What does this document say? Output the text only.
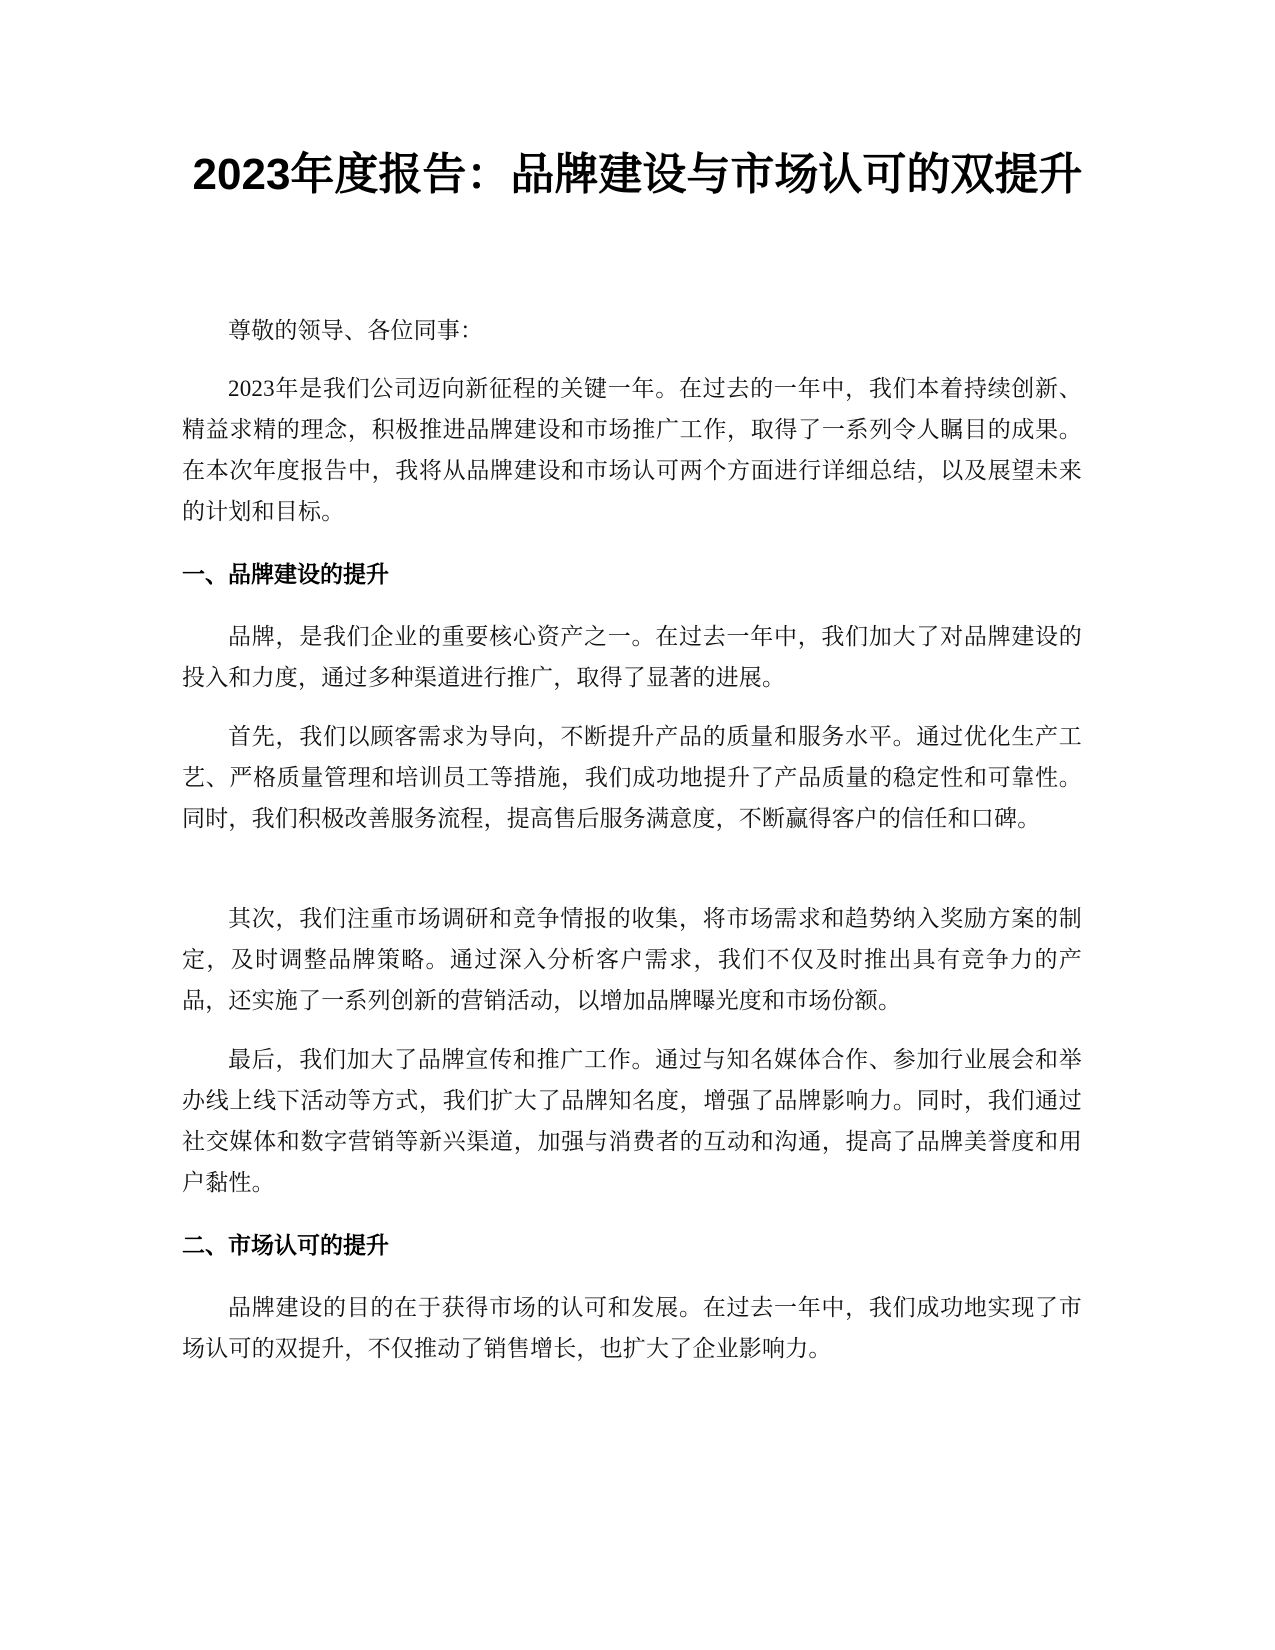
2023年度报告：品牌建设与市场认可的双提升

尊敬的领导、各位同事：

2023年是我们公司迈向新征程的关键一年。在过去的一年中，我们本着持续创新、精益求精的理念，积极推进品牌建设和市场推广工作，取得了一系列令人瞩目的成果。在本次年度报告中，我将从品牌建设和市场认可两个方面进行详细总结，以及展望未来的计划和目标。

一、品牌建设的提升

品牌，是我们企业的重要核心资产之一。在过去一年中，我们加大了对品牌建设的投入和力度，通过多种渠道进行推广，取得了显著的进展。

首先，我们以顾客需求为导向，不断提升产品的质量和服务水平。通过优化生产工艺、严格质量管理和培训员工等措施，我们成功地提升了产品质量的稳定性和可靠性。同时，我们积极改善服务流程，提高售后服务满意度，不断赢得客户的信任和口碑。

其次，我们注重市场调研和竞争情报的收集，将市场需求和趋势纳入奖励方案的制定，及时调整品牌策略。通过深入分析客户需求，我们不仅及时推出具有竞争力的产品，还实施了一系列创新的营销活动，以增加品牌曝光度和市场份额。

最后，我们加大了品牌宣传和推广工作。通过与知名媒体合作、参加行业展会和举办线上线下活动等方式，我们扩大了品牌知名度，增强了品牌影响力。同时，我们通过社交媒体和数字营销等新兴渠道，加强与消费者的互动和沟通，提高了品牌美誉度和用户黏性。

二、市场认可的提升

品牌建设的目的在于获得市场的认可和发展。在过去一年中，我们成功地实现了市场认可的双提升，不仅推动了销售增长，也扩大了企业影响力。
